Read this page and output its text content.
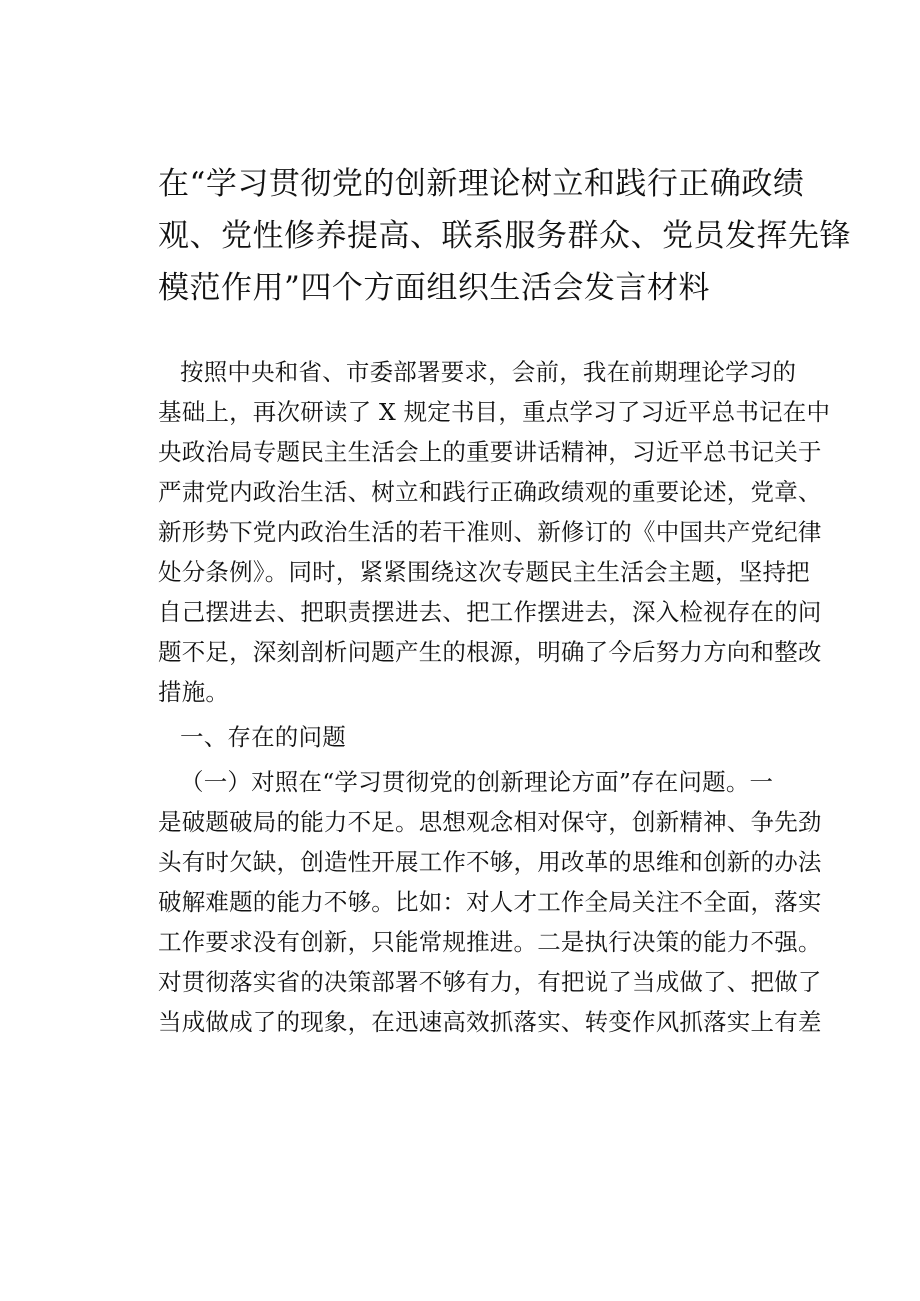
在“学习贯彻党的创新理论树立和践行正确政绩
观、党性修养提高、联系服务群众、党员发挥先锋
模范作用”四个方面组织生活会发言材料
按照中央和省、市委部署要求，会前，我在前期理论学习的
基础上，再次研读了 X 规定书目，重点学习了习近平总书记在中
央政治局专题民主生活会上的重要讲话精神，习近平总书记关于
严肃党内政治生活、树立和践行正确政绩观的重要论述，党章、
新形势下党内政治生活的若干准则、新修订的《中国共产党纪律
处分条例》。同时，紧紧围绕这次专题民主生活会主题，坚持把
自己摆进去、把职责摆进去、把工作摆进去，深入检视存在的问
题不足，深刻剖析问题产生的根源，明确了今后努力方向和整改
措施。
一、存在的问题
（一）对照在“学习贯彻党的创新理论方面”存在问题。一
是破题破局的能力不足。思想观念相对保守，创新精神、争先劲
头有时欠缺，创造性开展工作不够，用改革的思维和创新的办法
破解难题的能力不够。比如：对人才工作全局关注不全面，落实
工作要求没有创新，只能常规推进。二是执行决策的能力不强。
对贯彻落实省的决策部署不够有力，有把说了当成做了、把做了
当成做成了的现象，在迅速高效抓落实、转变作风抓落实上有差
